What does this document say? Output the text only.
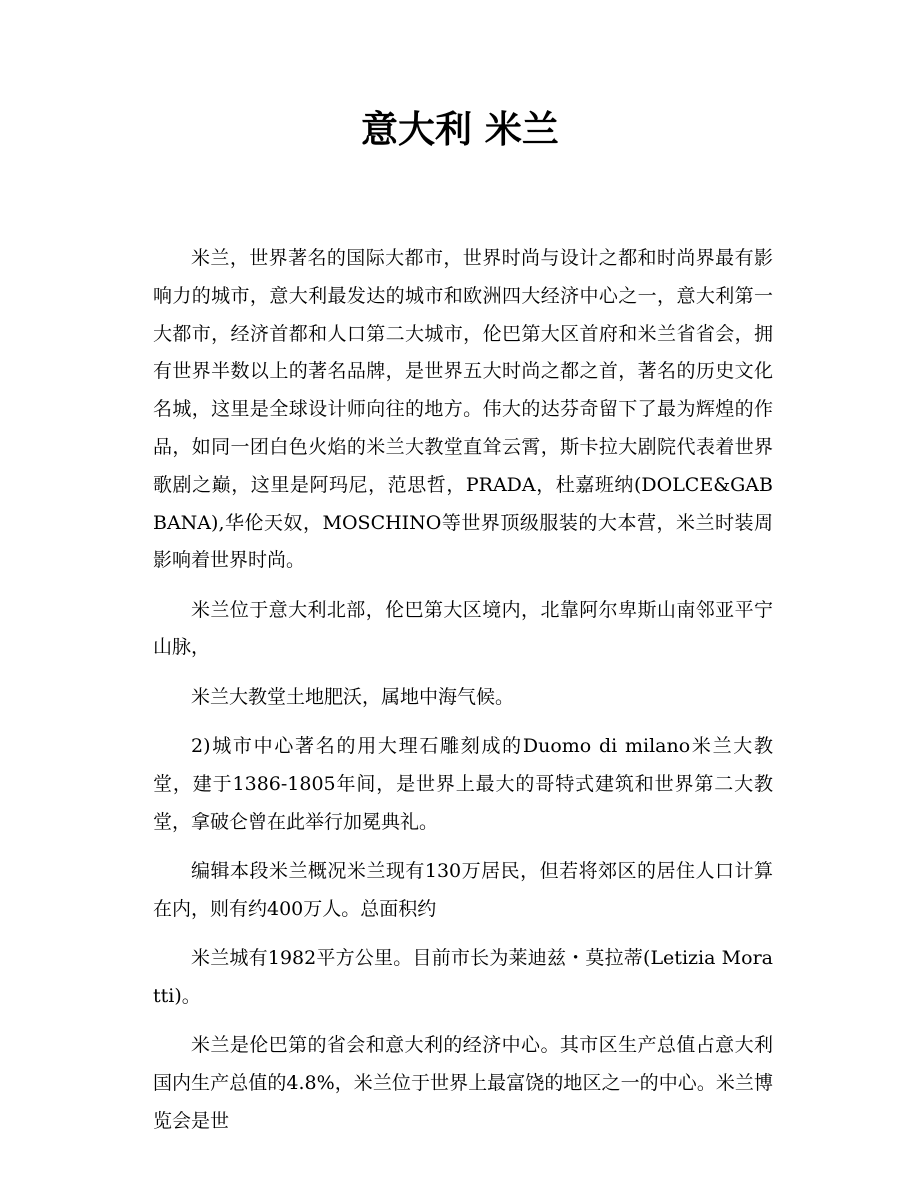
意大利 米兰

米兰，世界著名的国际大都市，世界时尚与设计之都和时尚界最有影响力的城市，意大利最发达的城市和欧洲四大经济中心之一，意大利第一大都市，经济首都和人口第二大城市，伦巴第大区首府和米兰省省会，拥有世界半数以上的著名品牌，是世界五大时尚之都之首，著名的历史文化名城，这里是全球设计师向往的地方。伟大的达芬奇留下了最为辉煌的作品，如同一团白色火焰的米兰大教堂直耸云霄，斯卡拉大剧院代表着世界歌剧之巅，这里是阿玛尼，范思哲，PRADA，杜嘉班纳(DOLCE&GABBANA),华伦天奴，MOSCHINO等世界顶级服装的大本营，米兰时装周影响着世界时尚。

米兰位于意大利北部，伦巴第大区境内，北靠阿尔卑斯山南邻亚平宁山脉，

米兰大教堂土地肥沃，属地中海气候。

2)城市中心著名的用大理石雕刻成的Duomo di milano米兰大教堂，建于1386-1805年间，是世界上最大的哥特式建筑和世界第二大教堂，拿破仑曾在此举行加冕典礼。

编辑本段米兰概况米兰现有130万居民，但若将郊区的居住人口计算在内，则有约400万人。总面积约

米兰城有1982平方公里。目前市长为莱迪兹・莫拉蒂(Letizia Moratti)。

米兰是伦巴第的省会和意大利的经济中心。其市区生产总值占意大利国内生产总值的4.8%，米兰位于世界上最富饶的地区之一的中心。米兰博览会是世
